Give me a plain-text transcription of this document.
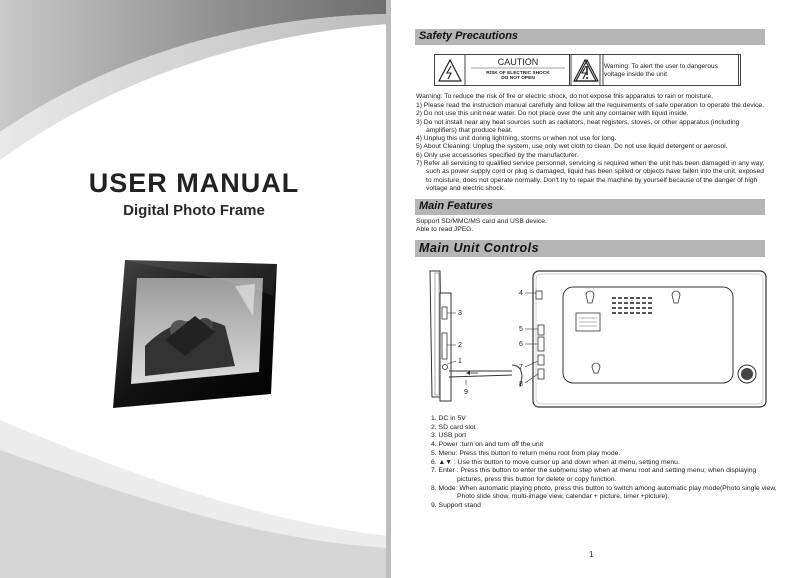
USER MANUAL
Digital Photo Frame
Safety Precautions
CAUTION
RISK OF ELECTRIC SHOCK
DO NOT OPEN
Warning: To alert the user to dangerous
voltage inside the unit
Warning: To reduce the risk of fire or electric shock, do not expose this apparatus to rain or moisture.
1) Please read the instruction manual carefully and follow all the requirements of safe operation to operate the device.
2) Do not use this unit near water. Do not place over the unit any container with liquid inside.
3) Do not install near any heat sources such as radiators, heat registers, stoves, or other apparatus (including
amplifiers) that produce heat.
4) Unplug this unit during lightning, storms or when not use for long.
5) About Cleaning: Unplug the system, use only wet cloth to clean. Do not use liquid detergent or aerosol.
6) Only use accessories specified by the manufacturer.
7) Refer all servicing to qualified service personnel, servicing is required when the unit has been damaged in any way,
such as power supply cord or plug is damaged, liquid has been spilled or objects have fallen into the unit, exposed
to moisture, does not operate normally. Don't try to repair the machine by yourself because of the danger of high
voltage and electric shock.
Main Features
Support SD/MMC/MS card and USB device.
Able to read JPEG.
Main Unit Controls
1
2
3
4
5
6
7
8
9
1. DC in 5V
2. SD card slot
3. USB port
4. Power :turn on and turn off the unit
5. Menu: Press this button to return menu root from play mode.
6. ▲▼ : Use this button to move cursor up and down when at menu, setting menu.
7. Enter : Press this button to enter the submenu step when at menu root and setting menu; when displaying
pictures, press this button for delete or copy function.
8. Mode: When automatic playing photo, press this button to switch among automatic play mode(Photo single view,
Photo slide show, multi-image view, calendar + picture, timer +picture).
9. Support stand
1
